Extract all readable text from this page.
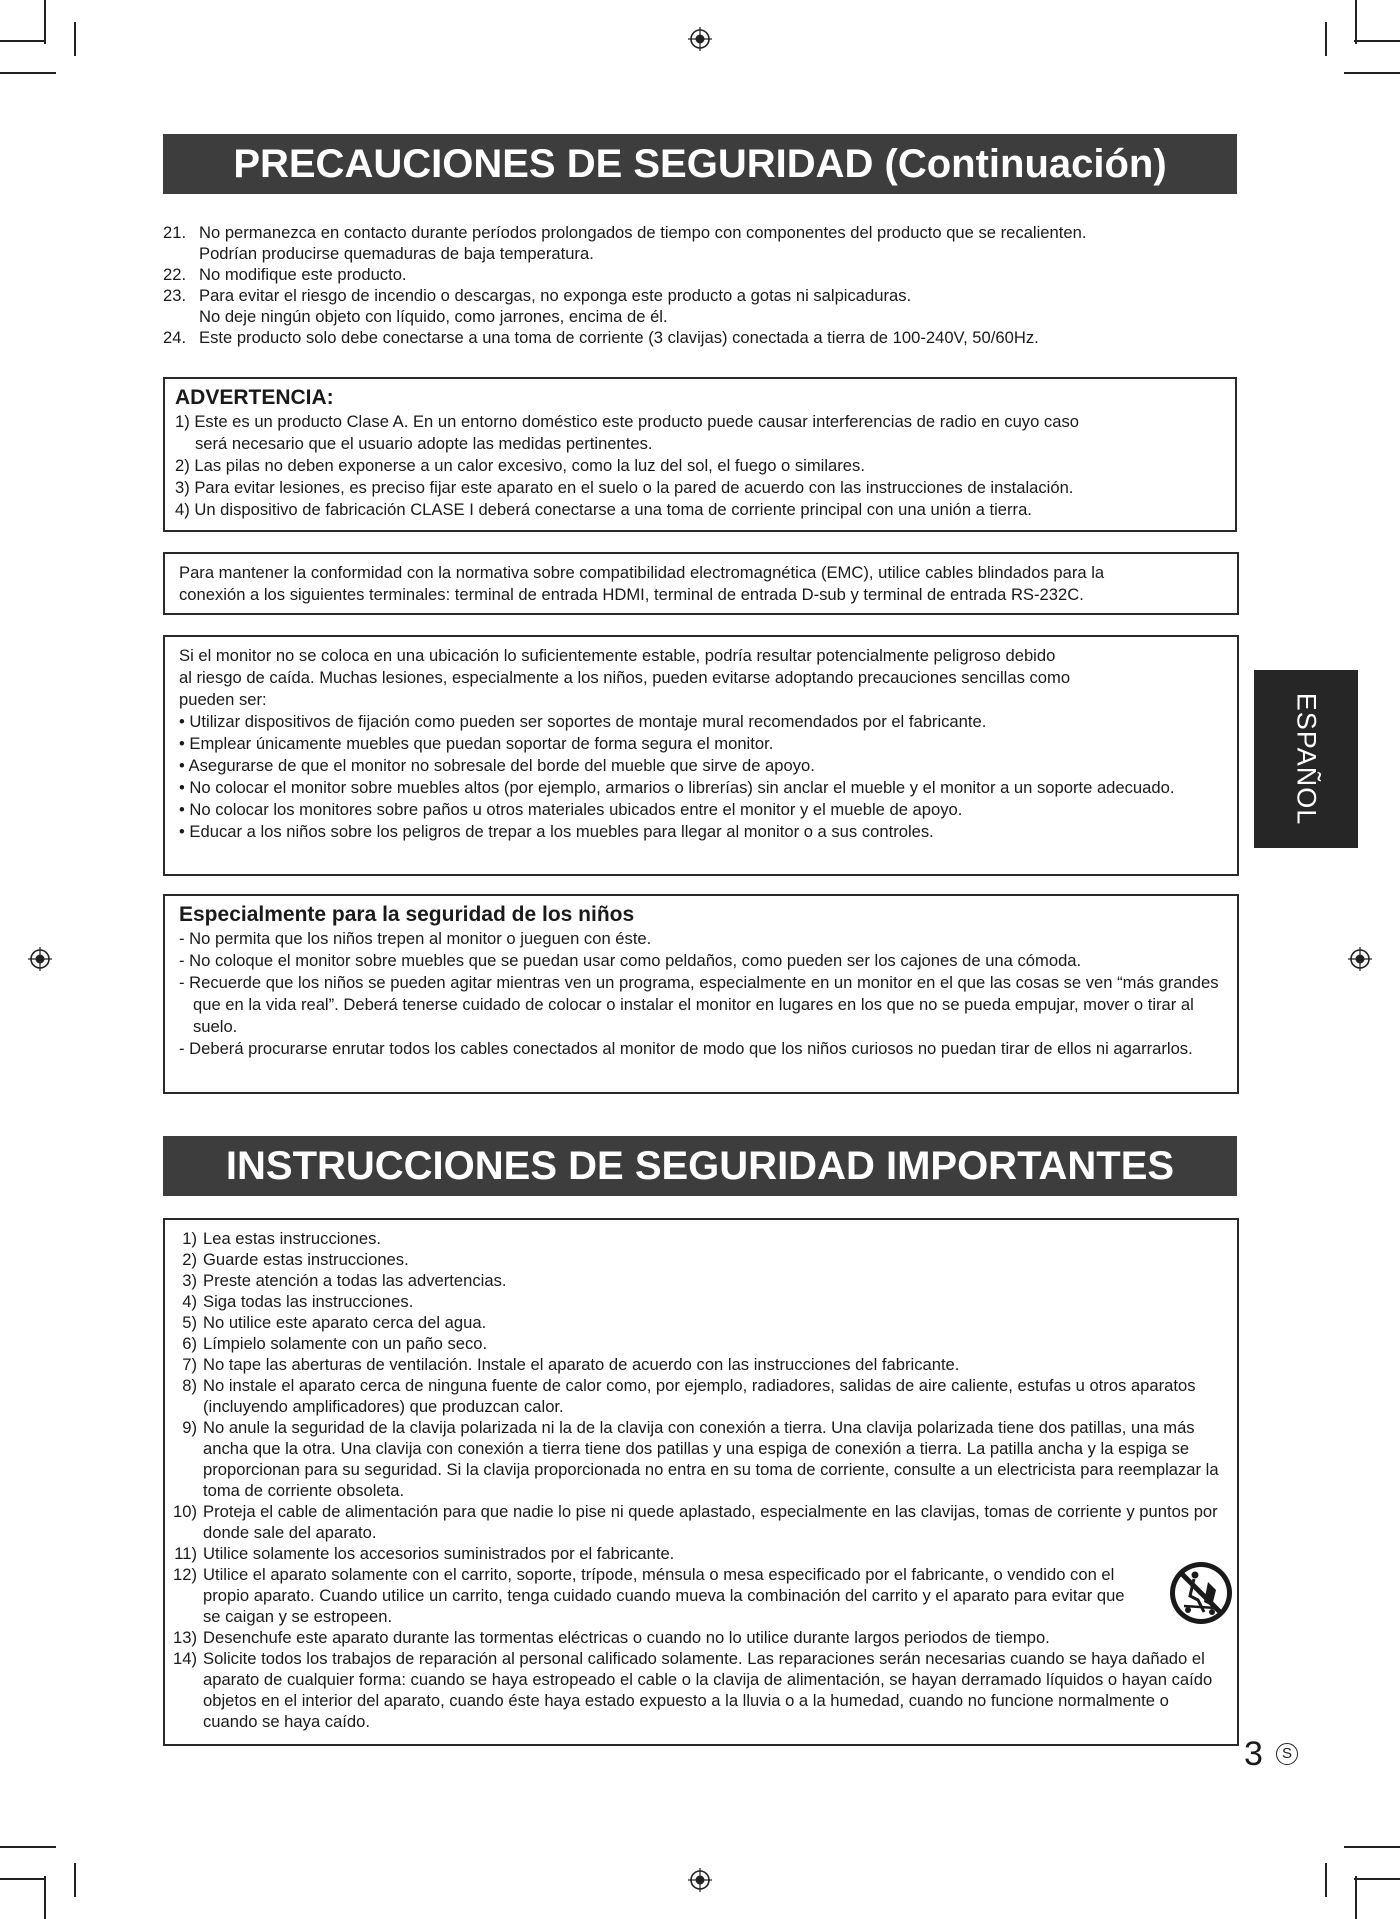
PRECAUCIONES DE SEGURIDAD (Continuación)
21. No permanezca en contacto durante períodos prolongados de tiempo con componentes del producto que se recalienten.
Podrían producirse quemaduras de baja temperatura.
22. No modifique este producto.
23. Para evitar el riesgo de incendio o descargas, no exponga este producto a gotas ni salpicaduras.
No deje ningún objeto con líquido, como jarrones, encima de él.
24. Este producto solo debe conectarse a una toma de corriente (3 clavijas) conectada a tierra de 100-240V, 50/60Hz.
ADVERTENCIA:
1) Este es un producto Clase A. En un entorno doméstico este producto puede causar interferencias de radio en cuyo caso
será necesario que el usuario adopte las medidas pertinentes.
2) Las pilas no deben exponerse a un calor excesivo, como la luz del sol, el fuego o similares.
3) Para evitar lesiones, es preciso fijar este aparato en el suelo o la pared de acuerdo con las instrucciones de instalación.
4) Un dispositivo de fabricación CLASE I deberá conectarse a una toma de corriente principal con una unión a tierra.
Para mantener la conformidad con la normativa sobre compatibilidad electromagnética (EMC), utilice cables blindados para la
conexión a los siguientes terminales: terminal de entrada HDMI, terminal de entrada D-sub y terminal de entrada RS-232C.
Si el monitor no se coloca en una ubicación lo suficientemente estable, podría resultar potencialmente peligroso debido
al riesgo de caída. Muchas lesiones, especialmente a los niños, pueden evitarse adoptando precauciones sencillas como
pueden ser:
• Utilizar dispositivos de fijación como pueden ser soportes de montaje mural recomendados por el fabricante.
• Emplear únicamente muebles que puedan soportar de forma segura el monitor.
• Asegurarse de que el monitor no sobresale del borde del mueble que sirve de apoyo.
• No colocar el monitor sobre muebles altos (por ejemplo, armarios o librerías) sin anclar el mueble y el monitor a un soporte adecuado.
• No colocar los monitores sobre paños u otros materiales ubicados entre el monitor y el mueble de apoyo.
• Educar a los niños sobre los peligros de trepar a los muebles para llegar al monitor o a sus controles.
Especialmente para la seguridad de los niños
- No permita que los niños trepen al monitor o jueguen con éste.
- No coloque el monitor sobre muebles que se puedan usar como peldaños, como pueden ser los cajones de una cómoda.
- Recuerde que los niños se pueden agitar mientras ven un programa, especialmente en un monitor en el que las cosas se ven “más grandes que en la vida real”. Deberá tenerse cuidado de colocar o instalar el monitor en lugares en los que no se pueda empujar, mover o tirar al suelo.
- Deberá procurarse enrutar todos los cables conectados al monitor de modo que los niños curiosos no puedan tirar de ellos ni agarrarlos.
INSTRUCCIONES DE SEGURIDAD IMPORTANTES
1) Lea estas instrucciones.
2) Guarde estas instrucciones.
3) Preste atención a todas las advertencias.
4) Siga todas las instrucciones.
5) No utilice este aparato cerca del agua.
6) Límpielo solamente con un paño seco.
7) No tape las aberturas de ventilación. Instale el aparato de acuerdo con las instrucciones del fabricante.
8) No instale el aparato cerca de ninguna fuente de calor como, por ejemplo, radiadores, salidas de aire caliente, estufas u otros aparatos (incluyendo amplificadores) que produzcan calor.
9) No anule la seguridad de la clavija polarizada ni la de la clavija con conexión a tierra. Una clavija polarizada tiene dos patillas, una más ancha que la otra. Una clavija con conexión a tierra tiene dos patillas y una espiga de conexión a tierra. La patilla ancha y la espiga se proporcionan para su seguridad. Si la clavija proporcionada no entra en su toma de corriente, consulte a un electricista para reemplazar la toma de corriente obsoleta.
10) Proteja el cable de alimentación para que nadie lo pise ni quede aplastado, especialmente en las clavijas, tomas de corriente y puntos por donde sale del aparato.
11) Utilice solamente los accesorios suministrados por el fabricante.
12) Utilice el aparato solamente con el carrito, soporte, trípode, ménsula o mesa especificado por el fabricante, o vendido con el propio aparato. Cuando utilice un carrito, tenga cuidado cuando mueva la combinación del carrito y el aparato para evitar que se caigan y se estropeen.
13) Desenchufe este aparato durante las tormentas eléctricas o cuando no lo utilice durante largos periodos de tiempo.
14) Solicite todos los trabajos de reparación al personal calificado solamente. Las reparaciones serán necesarias cuando se haya dañado el aparato de cualquier forma: cuando se haya estropeado el cable o la clavija de alimentación, se hayan derramado líquidos o hayan caído objetos en el interior del aparato, cuando éste haya estado expuesto a la lluvia o a la humedad, cuando no funcione normalmente o cuando se haya caído.
ESPAÑOL
3	S
